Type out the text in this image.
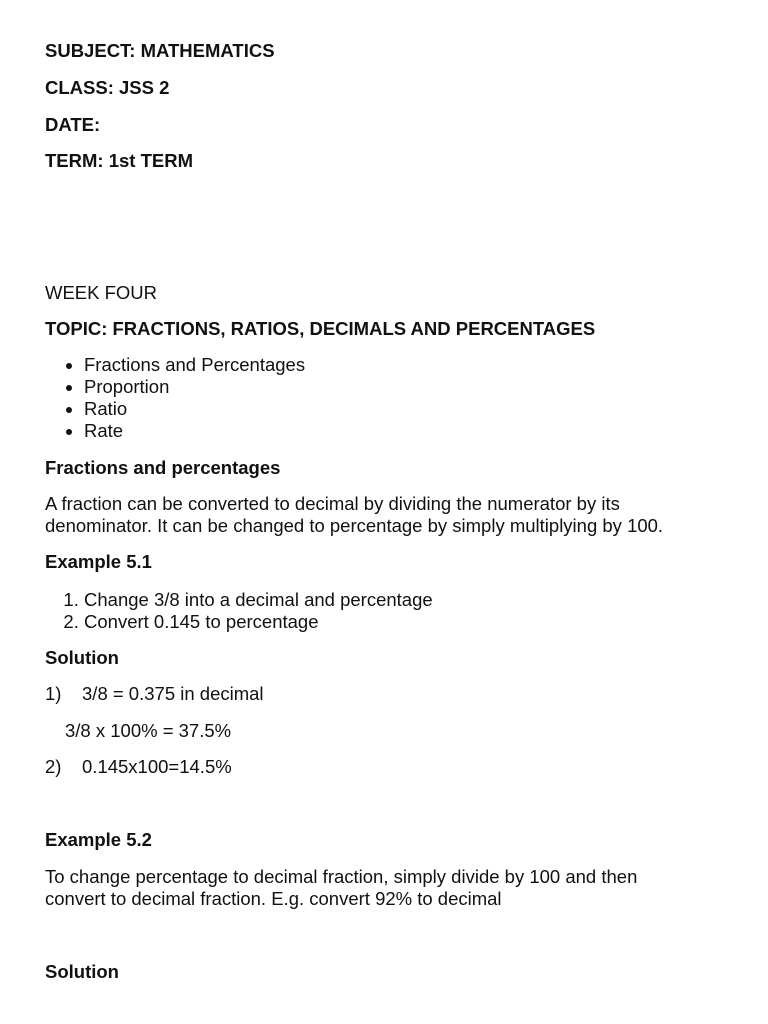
SUBJECT: MATHEMATICS
CLASS: JSS 2
DATE:
TERM: 1st TERM
WEEK FOUR
TOPIC: FRACTIONS, RATIOS, DECIMALS AND PERCENTAGES
• Fractions and Percentages
• Proportion
• Ratio
• Rate
Fractions and percentages
A fraction can be converted to decimal by dividing the numerator by its
denominator. It can be changed to percentage by simply multiplying by 100.
Example 5.1
1. Change 3/8 into a decimal and percentage
2. Convert 0.145 to percentage
Solution
1)    3/8 = 0.375 in decimal
3/8 x 100% = 37.5%
2)    0.145x100=14.5%
Example 5.2
To change percentage to decimal fraction, simply divide by 100 and then
convert to decimal fraction. E.g. convert 92% to decimal
Solution
